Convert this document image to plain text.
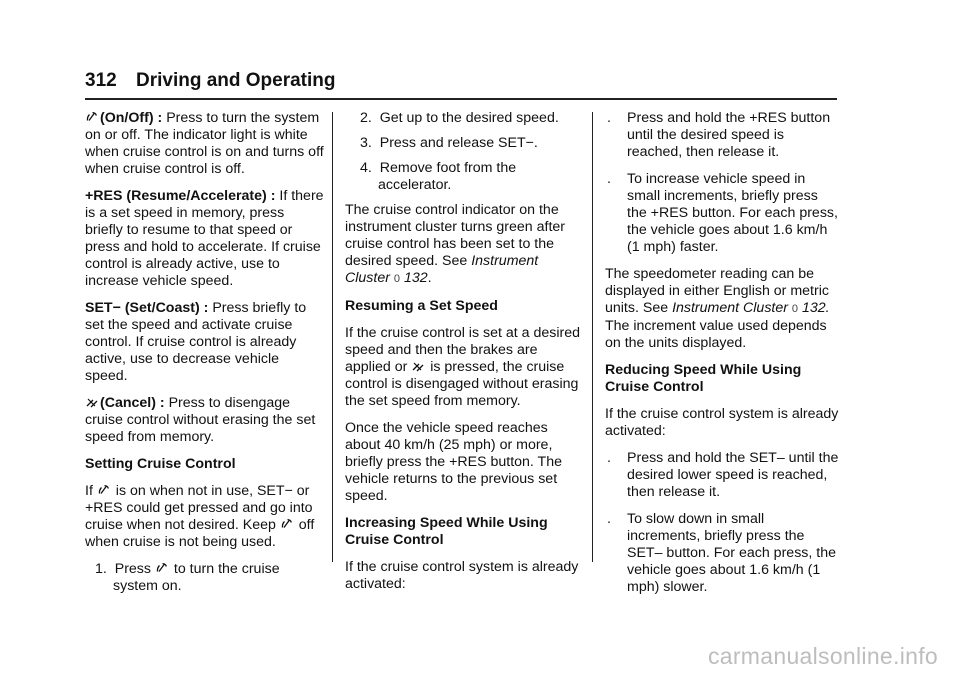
312 Driving and Operating

(On/Off) : Press to turn the system on or off. The indicator light is white when cruise control is on and turns off when cruise control is off.

+RES (Resume/Accelerate) : If there is a set speed in memory, press briefly to resume to that speed or press and hold to accelerate. If cruise control is already active, use to increase vehicle speed.

SET− (Set/Coast) : Press briefly to set the speed and activate cruise control. If cruise control is already active, use to decrease vehicle speed.

(Cancel) : Press to disengage cruise control without erasing the set speed from memory.

Setting Cruise Control

If is on when not in use, SET− or +RES could get pressed and go into cruise when not desired. Keep off when cruise is not being used.

1. Press to turn the cruise system on.

2. Get up to the desired speed.

3. Press and release SET−.

4. Remove foot from the accelerator.

The cruise control indicator on the instrument cluster turns green after cruise control has been set to the desired speed. See Instrument Cluster 0 132.

Resuming a Set Speed

If the cruise control is set at a desired speed and then the brakes are applied or is pressed, the cruise control is disengaged without erasing the set speed from memory.

Once the vehicle speed reaches about 40 km/h (25 mph) or more, briefly press the +RES button. The vehicle returns to the previous set speed.

Increasing Speed While Using Cruise Control

If the cruise control system is already activated:

. Press and hold the +RES button until the desired speed is reached, then release it.

. To increase vehicle speed in small increments, briefly press the +RES button. For each press, the vehicle goes about 1.6 km/h (1 mph) faster.

The speedometer reading can be displayed in either English or metric units. See Instrument Cluster 0 132. The increment value used depends on the units displayed.

Reducing Speed While Using Cruise Control

If the cruise control system is already activated:

. Press and hold the SET– until the desired lower speed is reached, then release it.

. To slow down in small increments, briefly press the SET– button. For each press, the vehicle goes about 1.6 km/h (1 mph) slower.

carmanualsonline.info
